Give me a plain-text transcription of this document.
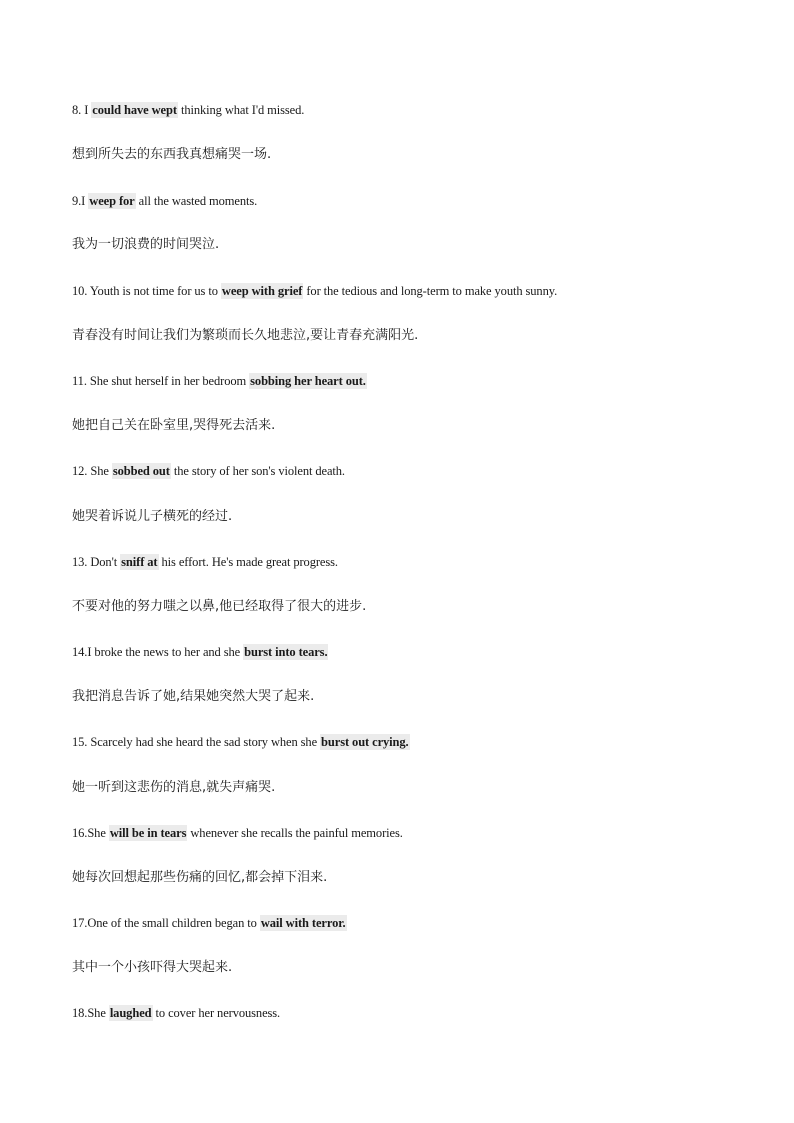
8. I could have wept thinking what I'd missed.
想到所失去的东西我真想痛哭一场.
9.I weep for all the wasted moments.
我为一切浪费的时间哭泣.
10. Youth is not time for us to weep with grief for the tedious and long-term to make youth sunny.
青春没有时间让我们为繁琐而长久地悲泣,要让青春充满阳光.
11. She shut herself in her bedroom sobbing her heart out.
她把自己关在卧室里,哭得死去活来.
12. She sobbed out the story of her son's violent death.
她哭着诉说儿子横死的经过.
13. Don't sniff at his effort. He's made great progress.
不要对他的努力嗤之以鼻,他已经取得了很大的进步.
14.I broke the news to her and she burst into tears.
我把消息告诉了她,结果她突然大哭了起来.
15. Scarcely had she heard the sad story when she burst out crying.
她一听到这悲伤的消息,就失声痛哭.
16.She will be in tears whenever she recalls the painful memories.
她每次回想起那些伤痛的回忆,都会掉下泪来.
17.One of the small children began to wail with terror.
其中一个小孩吓得大哭起来.
18.She laughed to cover her nervousness.
